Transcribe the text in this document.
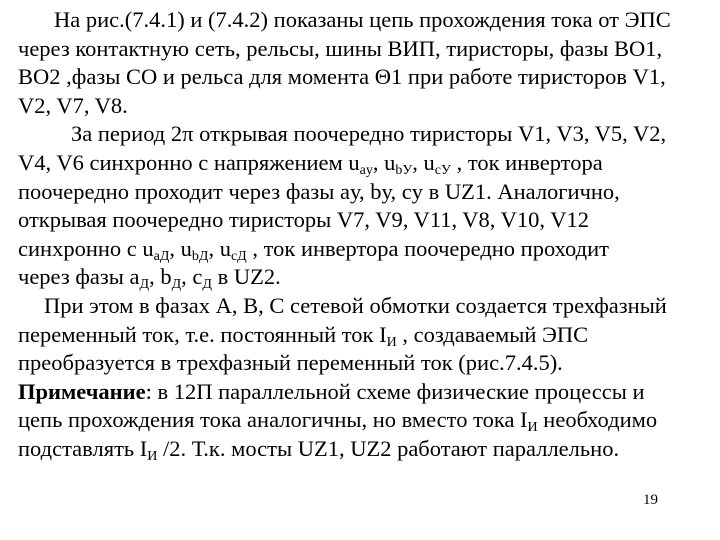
На рис.(7.4.1) и (7.4.2) показаны цепь прохождения тока от ЭПС
через контактную сеть, рельсы, шины ВИП, тиристоры, фазы ВО1,
ВО2 ,фазы СО и рельса для момента Θ1 при работе тиристоров V1,
V2, V7, V8.
За период 2π открывая поочередно тиристоры V1, V3, V5, V2,
V4, V6 синхронно с напряжением $u_{aу}$, $u_{bУ}$, $u_{cУ}$ , ток инвертора
поочередно проходит через фазы aу, bу, cу в UZ1. Аналогично,
открывая поочередно тиристоры V7, V9, V11, V8, V10, V12
синхронно с $u_{aД}$, $u_{bД}$, $u_{cД}$ , ток инвертора поочередно проходит
через фазы $a_Д$, $b_Д$, $c_Д$ в UZ2.
При этом в фазах А, В, С сетевой обмотки создается трехфазный
переменный ток, т.е. постоянный ток $I_И$ , создаваемый ЭПС
преобразуется в трехфазный переменный ток (рис.7.4.5).
Примечание: в 12П параллельной схеме физические процессы и
цепь прохождения тока аналогичны, но вместо тока $I_И$ необходимо
подставлять $I_И$ /2. Т.к. мосты UZ1, UZ2 работают параллельно.
19
